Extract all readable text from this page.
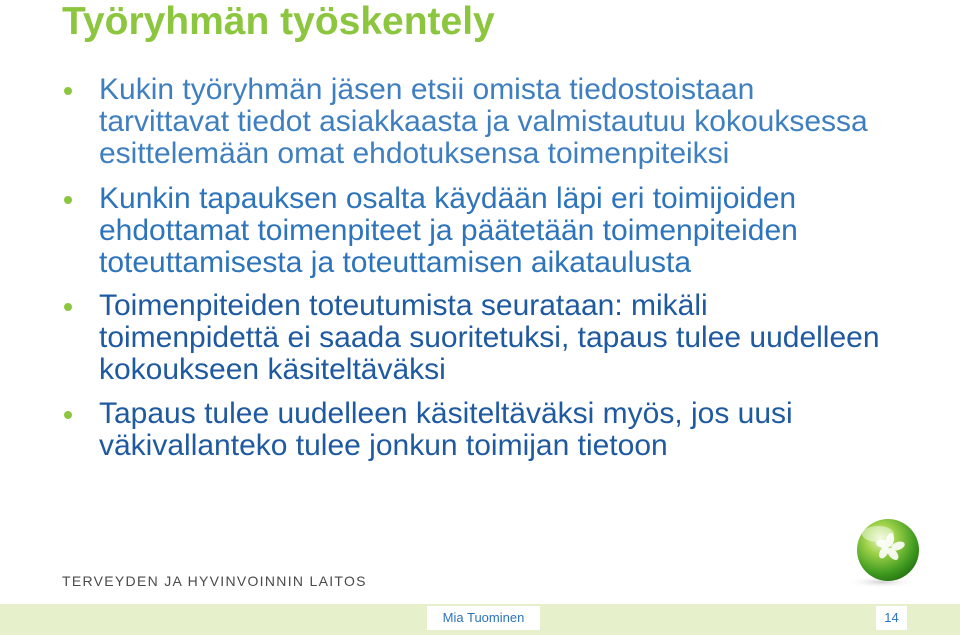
Työryhmän työskentely

Kukin työryhmän jäsen etsii omista tiedostoistaan tarvittavat tiedot asiakkaasta ja valmistautuu kokouksessa esittelemään omat ehdotuksensa toimenpiteiksi

Kunkin tapauksen osalta käydään läpi eri toimijoiden ehdottamat toimenpiteet ja päätetään toimenpiteiden toteuttamisesta ja toteuttamisen aikataulusta

Toimenpiteiden toteutumista seurataan: mikäli toimenpidettä ei saada suoritetuksi, tapaus tulee uudelleen kokoukseen käsiteltäväksi

Tapaus tulee uudelleen käsiteltäväksi myös, jos uusi väkivallanteko tulee jonkun toimijan tietoon

TERVEYDEN JA HYVINVOINNIN LAITOS
Mia Tuominen	14
